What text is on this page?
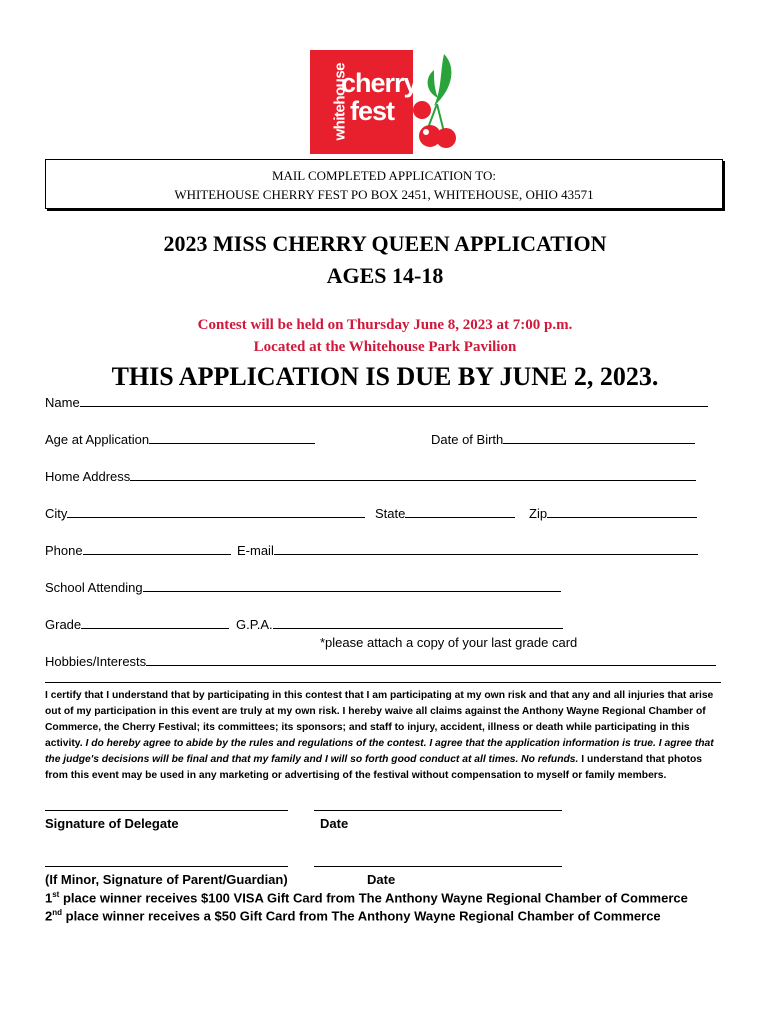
whitehouse
cherry
fest
MAIL COMPLETED APPLICATION TO:
WHITEHOUSE CHERRY FEST PO BOX 2451, WHITEHOUSE, OHIO 43571
2023 MISS CHERRY QUEEN APPLICATION
AGES 14-18
Contest will be held on Thursday June 8, 2023 at 7:00 p.m.
Located at the Whitehouse Park Pavilion
THIS APPLICATION IS DUE BY JUNE 2, 2023.
Name
Age at Application	Date of Birth
Home Address
City	State	Zip
Phone	E-mail
School Attending
Grade	G.P.A.
*please attach a copy of your last grade card
Hobbies/Interests
I certify that I understand that by participating in this contest that I am participating at my own risk and that any and all injuries that arise out of my participation in this event are truly at my own risk. I hereby waive all claims against the Anthony Wayne Regional Chamber of Commerce, the Cherry Festival; its committees; its sponsors; and staff to injury, accident, illness or death while participating in this activity. I do hereby agree to abide by the rules and regulations of the contest. I agree that the application information is true. I agree that the judge's decisions will be final and that my family and I will so forth good conduct at all times. No refunds. I understand that photos from this event may be used in any marketing or advertising of the festival without compensation to myself or family members.
Signature of Delegate	Date
(If Minor, Signature of Parent/Guardian)	Date
1st place winner receives $100 VISA Gift Card from The Anthony Wayne Regional Chamber of Commerce
2nd place winner receives a $50 Gift Card from The Anthony Wayne Regional Chamber of Commerce
